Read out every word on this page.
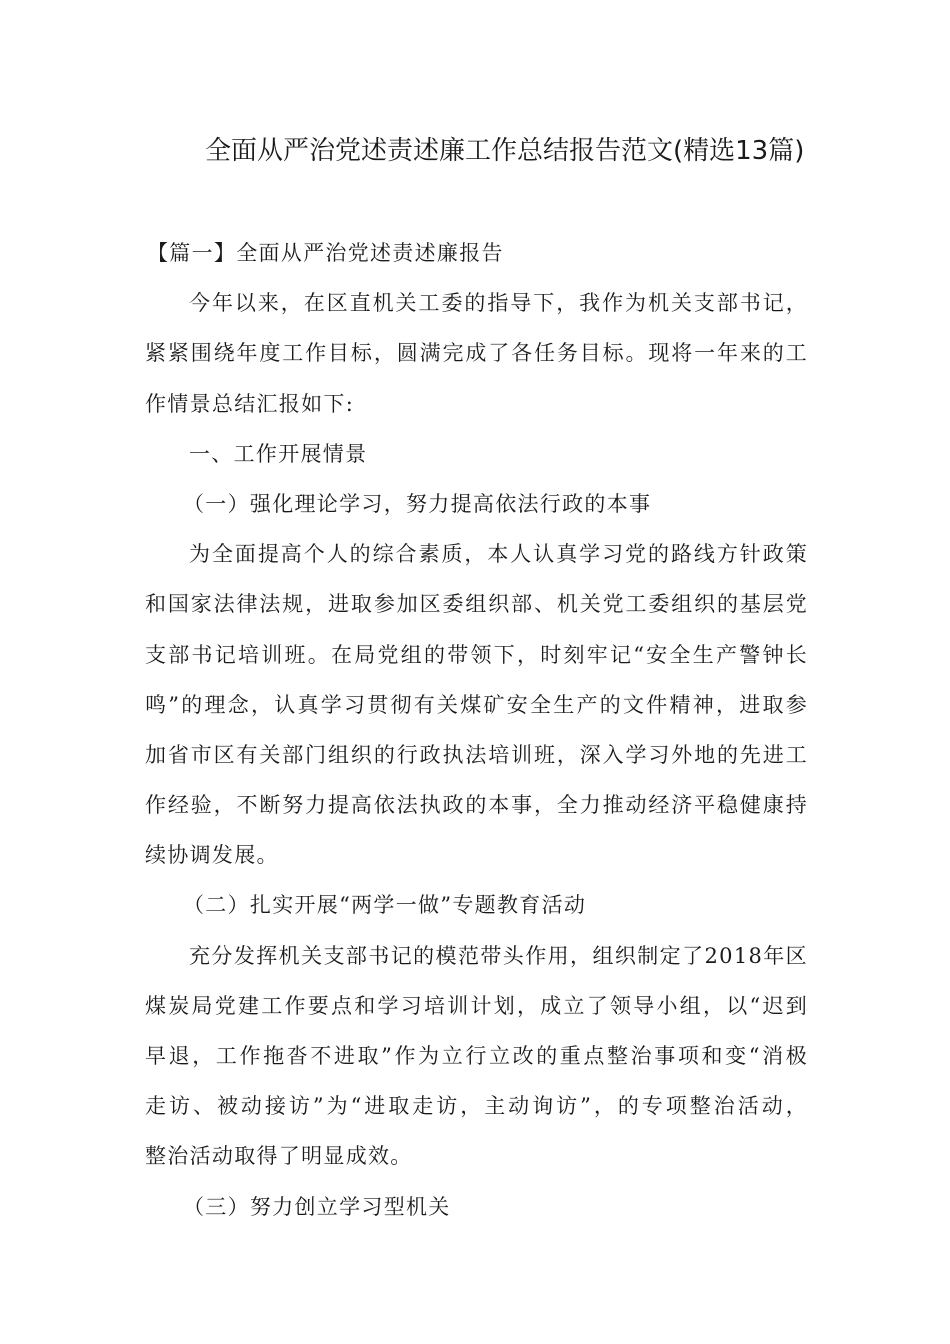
全面从严治党述责述廉工作总结报告范文(精选13篇)
【篇一】全面从严治党述责述廉报告
今年以来，在区直机关工委的指导下，我作为机关支部书记，
紧紧围绕年度工作目标，圆满完成了各任务目标。现将一年来的工
作情景总结汇报如下:
一、工作开展情景
（一）强化理论学习，努力提高依法行政的本事
为全面提高个人的综合素质，本人认真学习党的路线方针政策
和国家法律法规，进取参加区委组织部、机关党工委组织的基层党
支部书记培训班。在局党组的带领下，时刻牢记“安全生产警钟长
鸣”的理念，认真学习贯彻有关煤矿安全生产的文件精神，进取参
加省市区有关部门组织的行政执法培训班，深入学习外地的先进工
作经验，不断努力提高依法执政的本事，全力推动经济平稳健康持
续协调发展。
（二）扎实开展“两学一做”专题教育活动
充分发挥机关支部书记的模范带头作用，组织制定了2018年区
煤炭局党建工作要点和学习培训计划，成立了领导小组，以“迟到
早退，工作拖沓不进取”作为立行立改的重点整治事项和变“消极
走访、被动接访”为“进取走访，主动询访”，的专项整治活动，
整治活动取得了明显成效。
（三）努力创立学习型机关
